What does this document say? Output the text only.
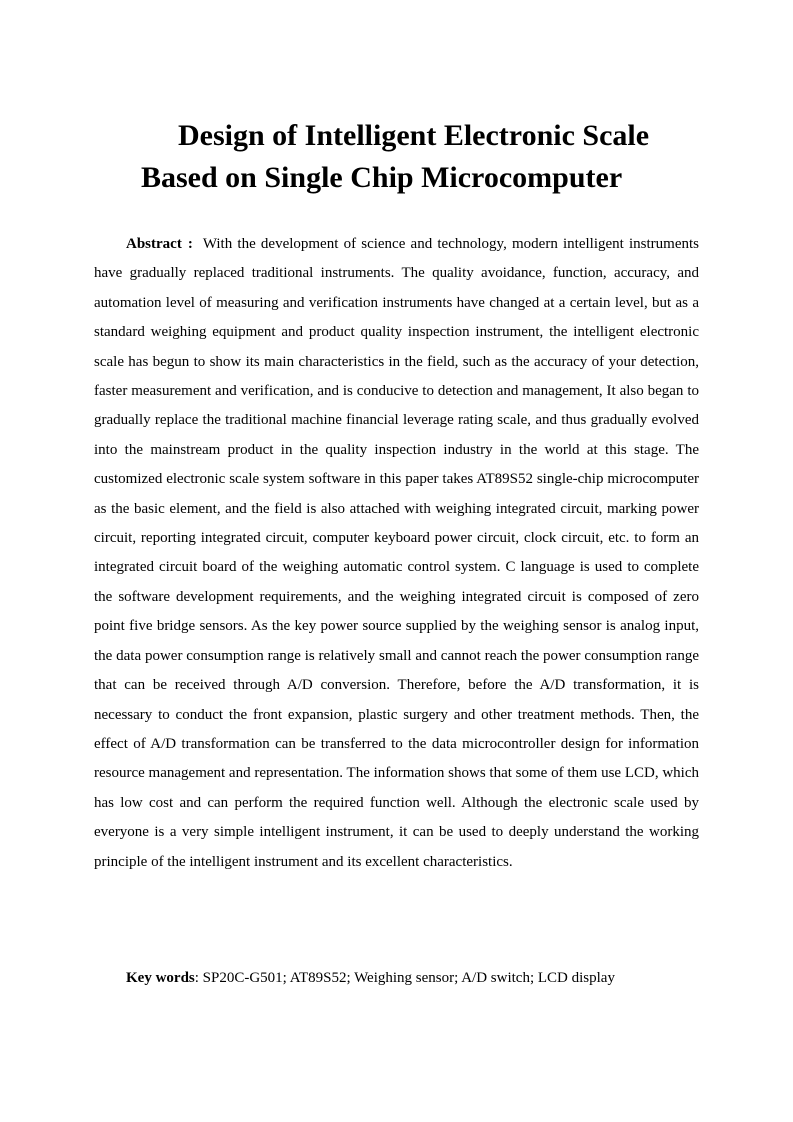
Design of Intelligent Electronic Scale
Based on Single Chip Microcomputer

Abstract : With the development of science and technology, modern intelligent instruments have gradually replaced traditional instruments. The quality avoidance, function, accuracy, and automation level of measuring and verification instruments have changed at a certain level, but as a standard weighing equipment and product quality inspection instrument, the intelligent electronic scale has begun to show its main characteristics in the field, such as the accuracy of your detection, faster measurement and verification, and is conducive to detection and management, It also began to gradually replace the traditional machine financial leverage rating scale, and thus gradually evolved into the mainstream product in the quality inspection industry in the world at this stage. The customized electronic scale system software in this paper takes AT89S52 single-chip microcomputer as the basic element, and the field is also attached with weighing integrated circuit, marking power circuit, reporting integrated circuit, computer keyboard power circuit, clock circuit, etc. to form an integrated circuit board of the weighing automatic control system. C language is used to complete the software development requirements, and the weighing integrated circuit is composed of zero point five bridge sensors. As the key power source supplied by the weighing sensor is analog input, the data power consumption range is relatively small and cannot reach the power consumption range that can be received through A/D conversion. Therefore, before the A/D transformation, it is necessary to conduct the front expansion, plastic surgery and other treatment methods. Then, the effect of A/D transformation can be transferred to the data microcontroller design for information resource management and representation. The information shows that some of them use LCD, which has low cost and can perform the required function well. Although the electronic scale used by everyone is a very simple intelligent instrument, it can be used to deeply understand the working principle of the intelligent instrument and its excellent characteristics.

Key words: SP20C-G501; AT89S52; Weighing sensor; A/D switch; LCD display
